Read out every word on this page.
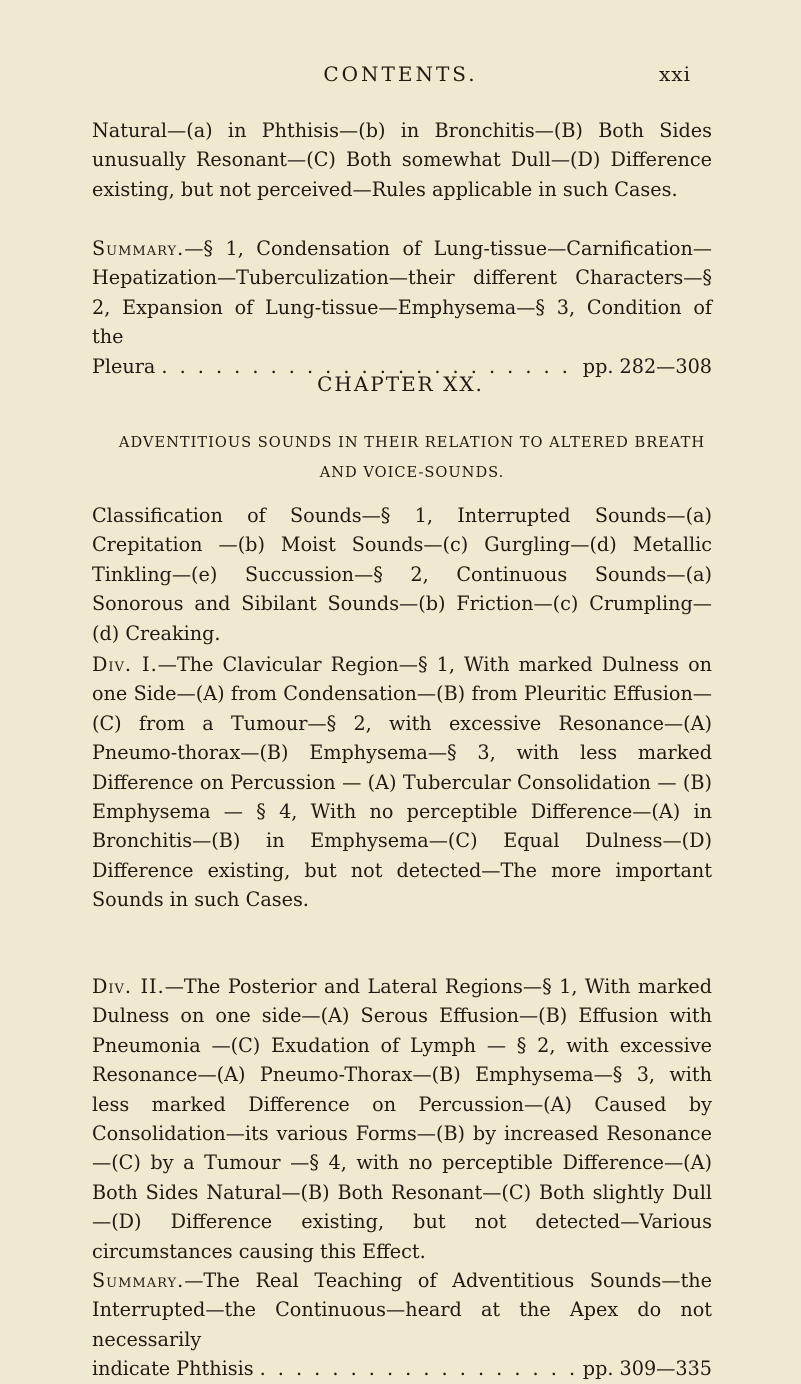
CONTENTS.	xxi

Natural—(a) in Phthisis—(b) in Bronchitis—(B) Both Sides unusually Resonant—(C) Both somewhat Dull—(D) Difference existing, but not perceived—Rules applicable in such Cases.

Summary.—§ 1, Condensation of Lung-tissue—Carnification—Hepatization—Tuberculization—their different Characters—§ 2, Expansion of Lung-tissue—Emphysema—§ 3, Condition of the

Pleura . . .	pp. 282—308
CHAPTER XX.
ADVENTITIOUS SOUNDS IN THEIR RELATION TO ALTERED BREATH
AND VOICE-SOUNDS.

Classification of Sounds—§ 1, Interrupted Sounds—(a) Crepitation —(b) Moist Sounds—(c) Gurgling—(d) Metallic Tinkling—(e) Succussion—§ 2, Continuous Sounds—(a) Sonorous and Sibilant Sounds—(b) Friction—(c) Crumpling—(d) Creaking.

Div. I.—The Clavicular Region—§ 1, With marked Dulness on one Side—(A) from Condensation—(B) from Pleuritic Effusion—(C) from a Tumour—§ 2, with excessive Resonance—(A) Pneumo-thorax—(B) Emphysema—§ 3, with less marked Difference on Percussion — (A) Tubercular Consolidation — (B) Emphysema — § 4, With no perceptible Difference—(A) in Bronchitis—(B) in Emphysema—(C) Equal Dulness—(D) Difference existing, but not detected—The more important Sounds in such Cases.

Div. II.—The Posterior and Lateral Regions—§ 1, With marked Dulness on one side—(A) Serous Effusion—(B) Effusion with Pneumonia —(C) Exudation of Lymph — § 2, with excessive Resonance—(A) Pneumo-Thorax—(B) Emphysema—§ 3, with less marked Difference on Percussion—(A) Caused by Consolidation—its various Forms—(B) by increased Resonance—(C) by a Tumour —§ 4, with no perceptible Difference—(A) Both Sides Natural—(B) Both Resonant—(C) Both slightly Dull—(D) Difference existing, but not detected—Various circumstances causing this Effect.

Summary.—The Real Teaching of Adventitious Sounds—the Interrupted—the Continuous—heard at the Apex do not necessarily

indicate Phthisis . . .	pp. 309—335
